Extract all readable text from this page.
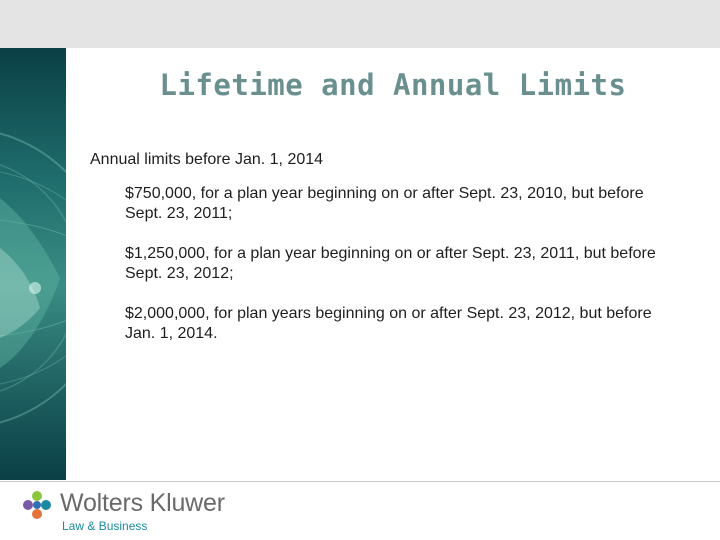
Lifetime and Annual Limits

Annual limits before Jan. 1, 2014

$750,000, for a plan year beginning on or after Sept. 23, 2010, but before Sept. 23, 2011;
$1,250,000, for a plan year beginning on or after Sept. 23, 2011, but before Sept. 23, 2012;
$2,000,000, for plan years beginning on or after Sept. 23, 2012, but before Jan. 1, 2014.
Wolters Kluwer
Law & Business
